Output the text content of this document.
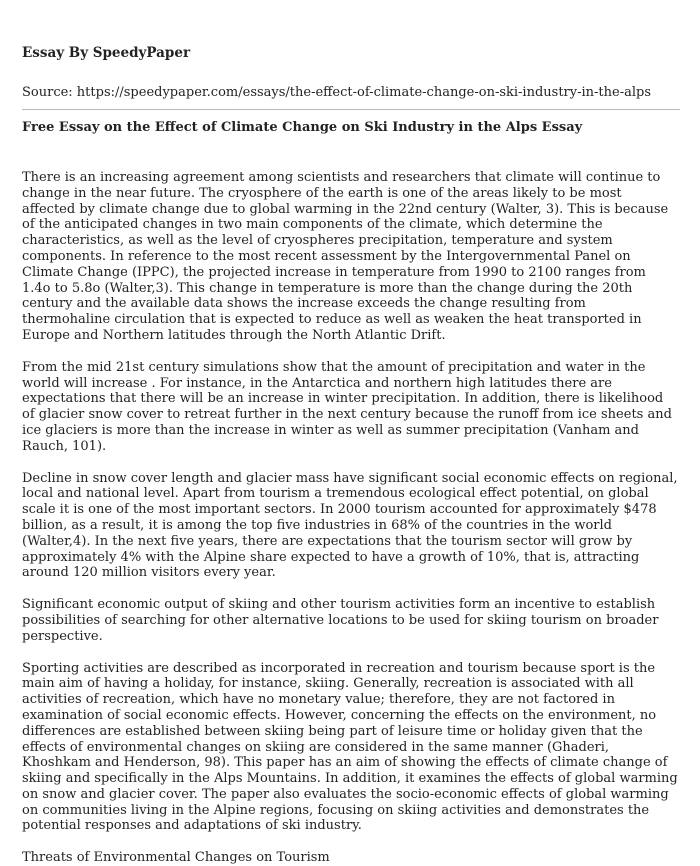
Essay By SpeedyPaper
Source: https://speedypaper.com/essays/the-effect-of-climate-change-on-ski-industry-in-the-alps
Free Essay on the Effect of Climate Change on Ski Industry in the Alps Essay

There is an increasing agreement among scientists and researchers that climate will continue to change in the near future. The cryosphere of the earth is one of the areas likely to be most affected by climate change due to global warming in the 22nd century (Walter, 3). This is because of the anticipated changes in two main components of the climate, which determine the characteristics, as well as the level of cryospheres precipitation, temperature and system components. In reference to the most recent assessment by the Intergovernmental Panel on Climate Change (IPPC), the projected increase in temperature from 1990 to 2100 ranges from 1.4o to 5.8o (Walter,3). This change in temperature is more than the change during the 20th century and the available data shows the increase exceeds the change resulting from thermohaline circulation that is expected to reduce as well as weaken the heat transported in Europe and Northern latitudes through the North Atlantic Drift.

From the mid 21st century simulations show that the amount of precipitation and water in the world will increase . For instance, in the Antarctica and northern high latitudes there are expectations that there will be an increase in winter precipitation. In addition, there is likelihood of glacier snow cover to retreat further in the next century because the runoff from ice sheets and ice glaciers is more than the increase in winter as well as summer precipitation (Vanham and Rauch, 101).

Decline in snow cover length and glacier mass have significant social economic effects on regional, local and national level. Apart from tourism a tremendous ecological effect potential, on global scale it is one of the most important sectors. In 2000 tourism accounted for approximately $478 billion, as a result, it is among the top five industries in 68% of the countries in the world (Walter,4). In the next five years, there are expectations that the tourism sector will grow by approximately 4% with the Alpine share expected to have a growth of 10%, that is, attracting around 120 million visitors every year.

Significant economic output of skiing and other tourism activities form an incentive to establish possibilities of searching for other alternative locations to be used for skiing tourism on broader perspective.

Sporting activities are described as incorporated in recreation and tourism because sport is the main aim of having a holiday, for instance, skiing. Generally, recreation is associated with all activities of recreation, which have no monetary value; therefore, they are not factored in examination of social economic effects. However, concerning the effects on the environment, no differences are established between skiing being part of leisure time or holiday given that the effects of environmental changes on skiing are considered in the same manner (Ghaderi, Khoshkam and Henderson, 98). This paper has an aim of showing the effects of climate change of skiing and specifically in the Alps Mountains. In addition, it examines the effects of global warming on snow and glacier cover. The paper also evaluates the socio-economic effects of global warming on communities living in the Alpine regions, focusing on skiing activities and demonstrates the potential responses and adaptations of ski industry.

Threats of Environmental Changes on Tourism
